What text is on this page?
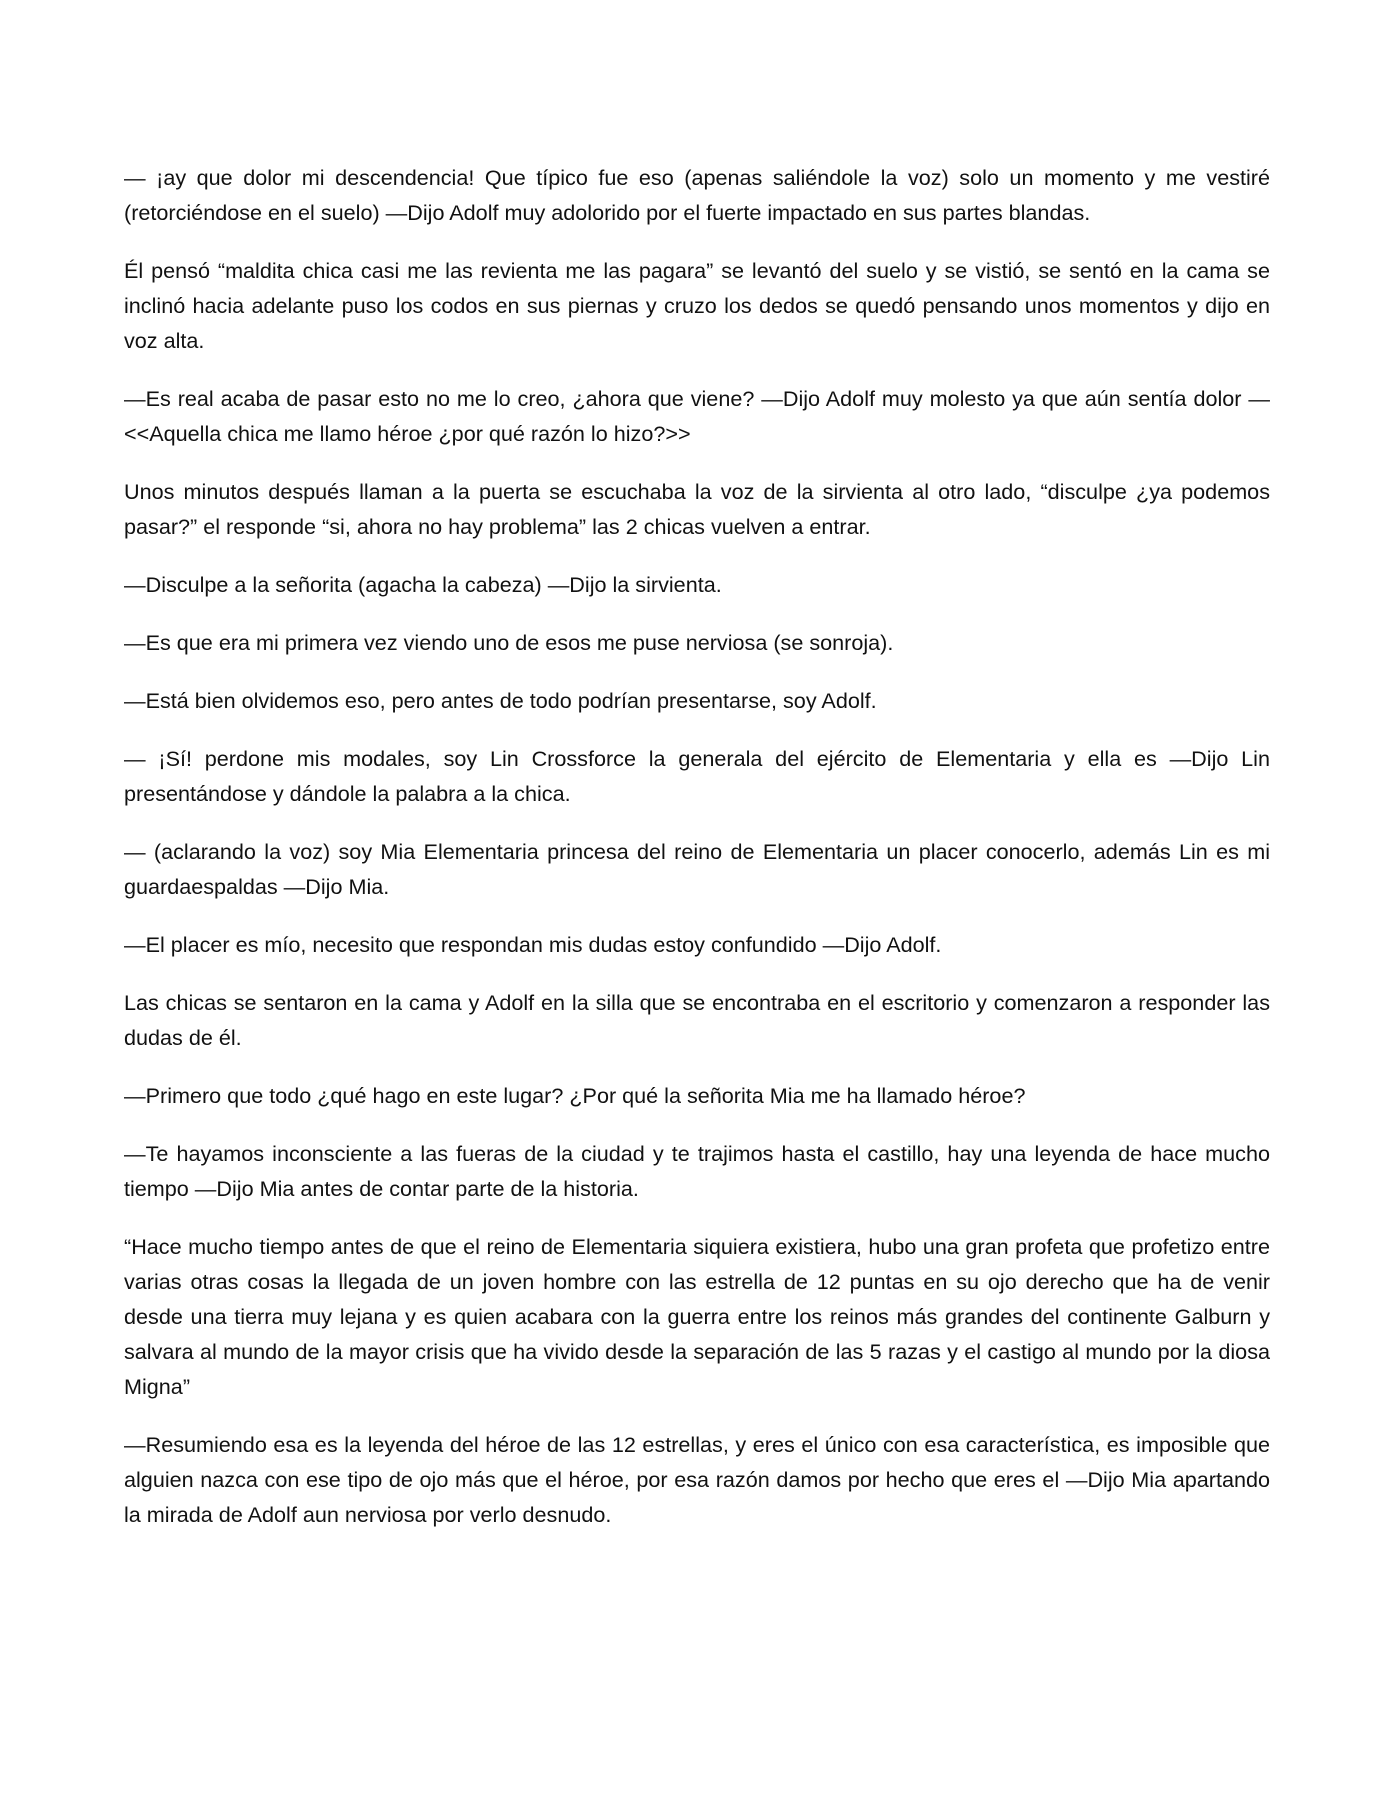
— ¡ay que dolor mi descendencia! Que típico fue eso (apenas saliéndole la voz) solo un momento y me vestiré (retorciéndose en el suelo) —Dijo Adolf muy adolorido por el fuerte impactado en sus partes blandas.

Él pensó “maldita chica casi me las revienta me las pagara” se levantó del suelo y se vistió, se sentó en la cama se inclinó hacia adelante puso los codos en sus piernas y cruzo los dedos se quedó pensando unos momentos y dijo en voz alta.

—Es real acaba de pasar esto no me lo creo, ¿ahora que viene? —Dijo Adolf muy molesto ya que aún sentía dolor — <<Aquella chica me llamo héroe ¿por qué razón lo hizo?>>

Unos minutos después llaman a la puerta se escuchaba la voz de la sirvienta al otro lado, “disculpe ¿ya podemos pasar?” el responde “si, ahora no hay problema” las 2 chicas vuelven a entrar.

—Disculpe a la señorita (agacha la cabeza) —Dijo la sirvienta.

—Es que era mi primera vez viendo uno de esos me puse nerviosa (se sonroja).

—Está bien olvidemos eso, pero antes de todo podrían presentarse, soy Adolf.

— ¡Sí! perdone mis modales, soy Lin Crossforce la generala del ejército de Elementaria y ella es —Dijo Lin presentándose y dándole la palabra a la chica.

— (aclarando la voz) soy Mia Elementaria princesa del reino de Elementaria un placer conocerlo, además Lin es mi guardaespaldas —Dijo Mia.

—El placer es mío, necesito que respondan mis dudas estoy confundido —Dijo Adolf.

Las chicas se sentaron en la cama y Adolf en la silla que se encontraba en el escritorio y comenzaron a responder las dudas de él.

—Primero que todo ¿qué hago en este lugar? ¿Por qué la señorita Mia me ha llamado héroe?

—Te hayamos inconsciente a las fueras de la ciudad y te trajimos hasta el castillo, hay una leyenda de hace mucho tiempo —Dijo Mia antes de contar parte de la historia.

“Hace mucho tiempo antes de que el reino de Elementaria siquiera existiera, hubo una gran profeta que profetizo entre varias otras cosas la llegada de un joven hombre con las estrella de 12 puntas en su ojo derecho que ha de venir desde una tierra muy lejana y es quien acabara con la guerra entre los reinos más grandes del continente Galburn y salvara al mundo de la mayor crisis que ha vivido desde la separación de las 5 razas y el castigo al mundo por la diosa Migna”

—Resumiendo esa es la leyenda del héroe de las 12 estrellas, y eres el único con esa característica, es imposible que alguien nazca con ese tipo de ojo más que el héroe, por esa razón damos por hecho que eres el —Dijo Mia apartando la mirada de Adolf aun nerviosa por verlo desnudo.
